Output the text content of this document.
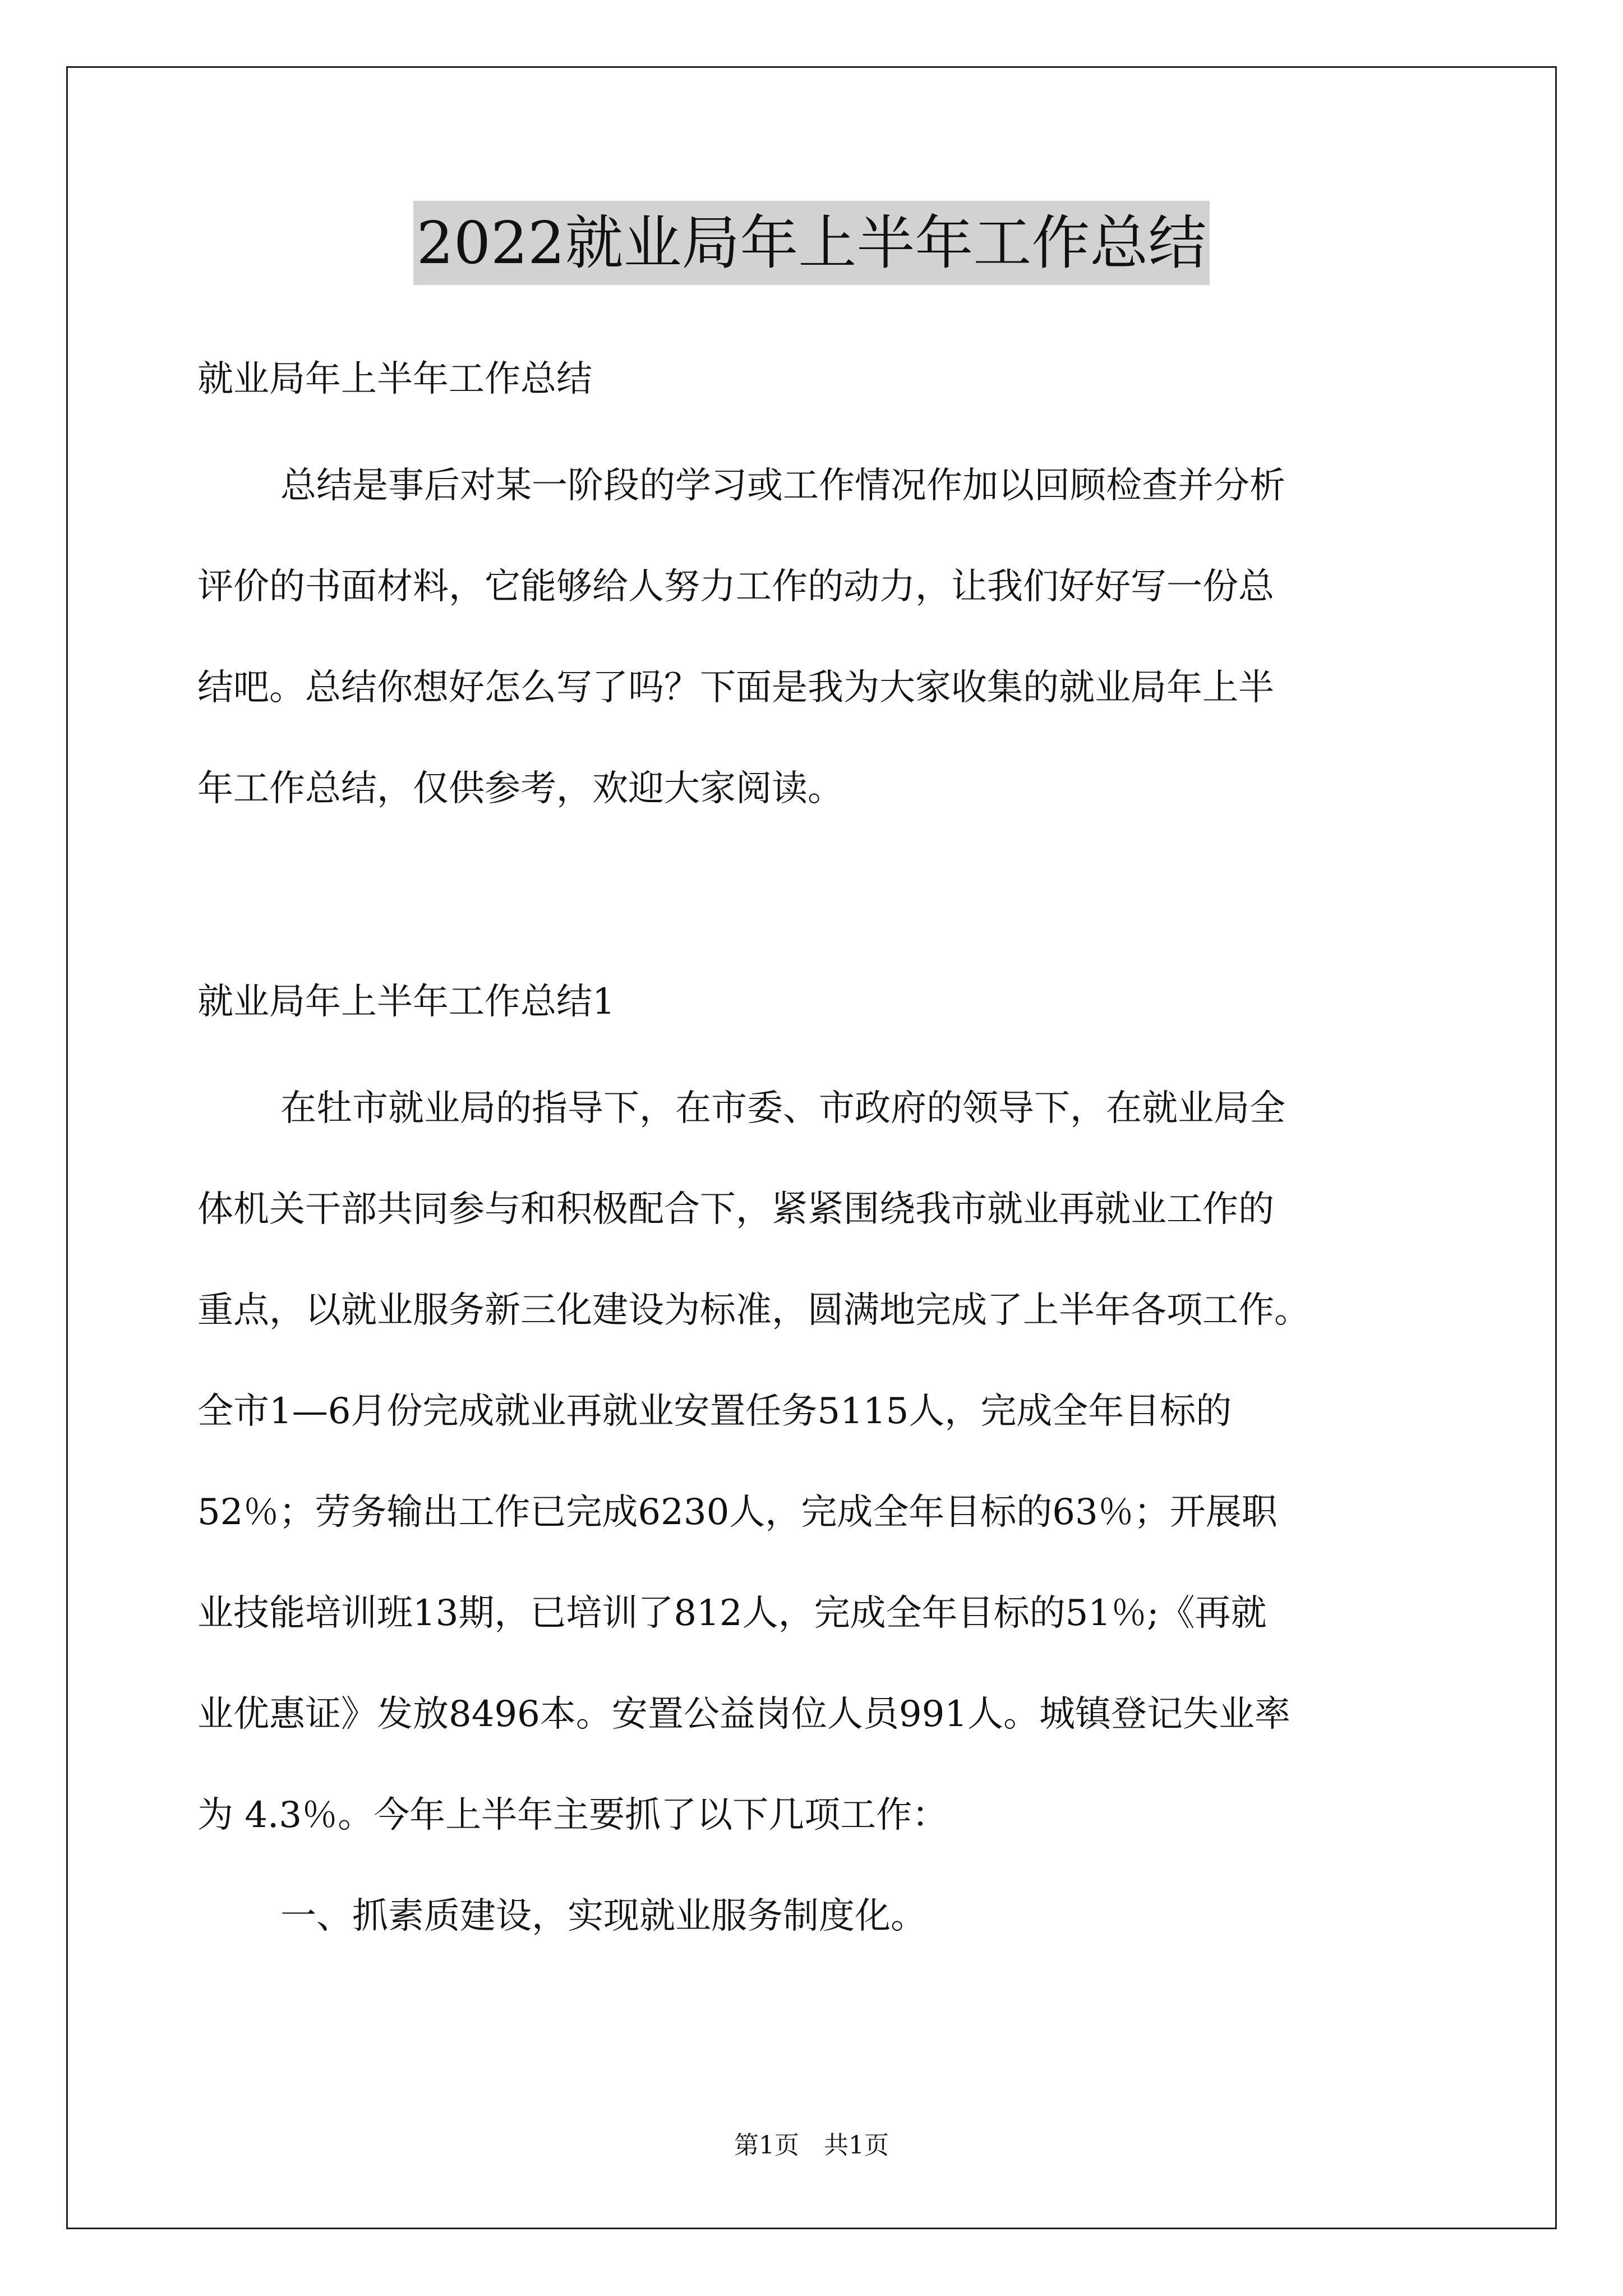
2022就业局年上半年工作总结

就业局年上半年工作总结

总结是事后对某一阶段的学习或工作情况作加以回顾检查并分析

评价的书面材料，它能够给人努力工作的动力，让我们好好写一份总

结吧。总结你想好怎么写了吗？下面是我为大家收集的就业局年上半

年工作总结，仅供参考，欢迎大家阅读。

就业局年上半年工作总结1

在牡市就业局的指导下，在市委、市政府的领导下，在就业局全

体机关干部共同参与和积极配合下，紧紧围绕我市就业再就业工作的

重点，以就业服务新三化建设为标准，圆满地完成了上半年各项工作。

全市1—6月份完成就业再就业安置任务5115人，完成全年目标的

52％；劳务输出工作已完成6230人，完成全年目标的63％；开展职

业技能培训班13期，已培训了812人，完成全年目标的51％;《再就

业优惠证》发放8496本。安置公益岗位人员991人。城镇登记失业率

为 4.3％。今年上半年主要抓了以下几项工作：

一、抓素质建设，实现就业服务制度化。

第1页　共1页
